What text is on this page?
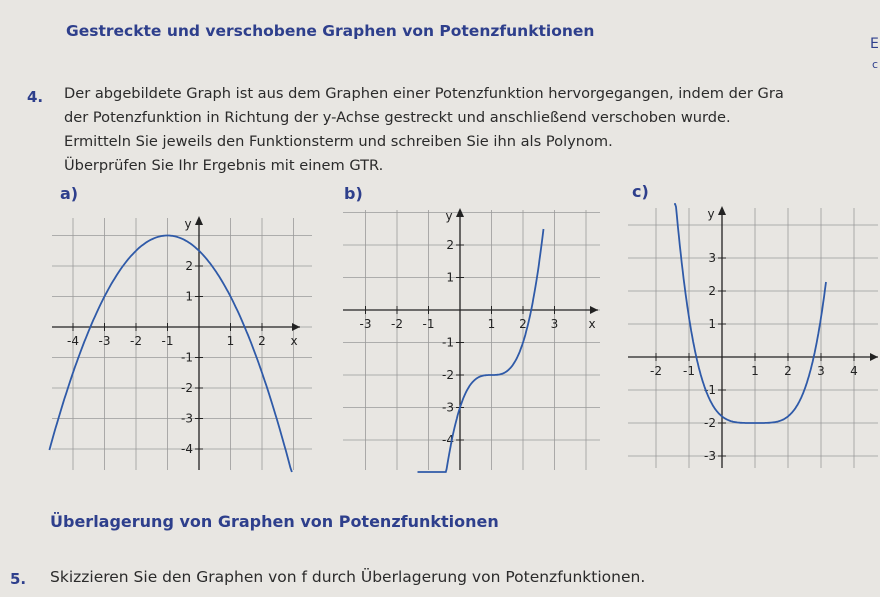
Gestreckte und verschobene Graphen von Potenzfunktionen
E
c
4. Der abgebildete Graph ist aus dem Graphen einer Potenzfunktion hervorgegangen, indem der Gra
der Potenzfunktion in Richtung der y-Achse gestreckt und anschließend verschoben wurde.
Ermitteln Sie jeweils den Funktionsterm und schreiben Sie ihn als Polynom.
Überprüfen Sie Ihr Ergebnis mit einem GTR.
a)	b)	c)
x
y
-4 -3 -2 -1	1 2
-4
-3
-2
-1
1
2
x
y
-3 -2 -1	1 2 3
-4
-3
-2
-1
1
2
y
-2 -1	1 2 3 4
-3
-2
-1
1
2
3
Überlagerung von Graphen von Potenzfunktionen
5. Skizzieren Sie den Graphen von f durch Überlagerung von Potenzfunktionen.
